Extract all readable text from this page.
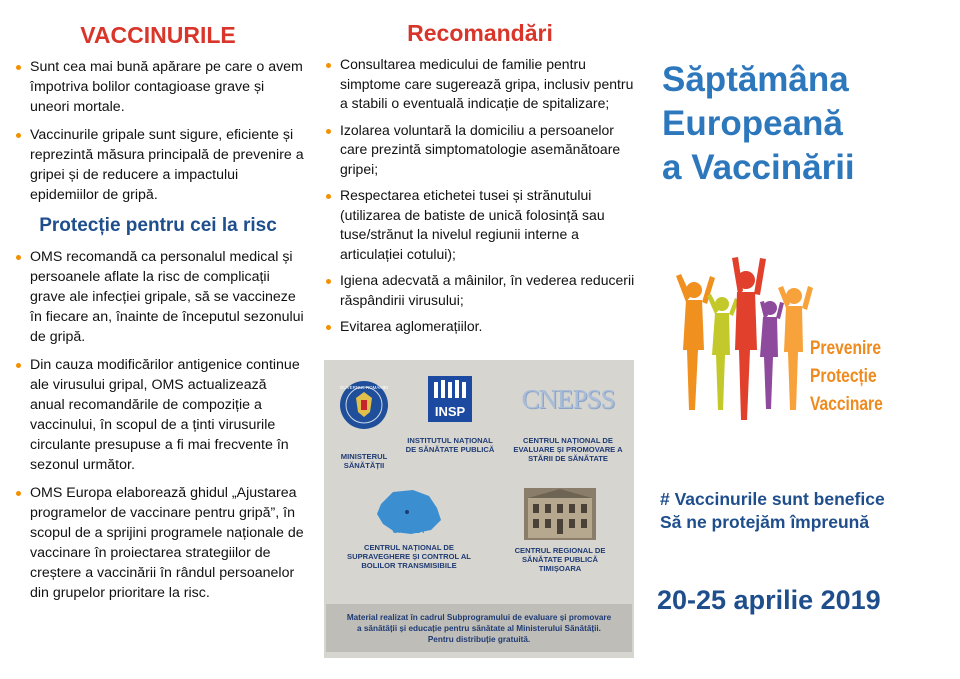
VACCINURILE
Sunt cea mai bună apărare pe care o avem împotriva bolilor contagioase grave și uneori mortale.
Vaccinurile gripale sunt sigure, eficiente și reprezintă măsura principală de prevenire a gripei și de reducere a impactului epidemiilor de gripă.
Protecție pentru cei la risc
OMS recomandă ca personalul medical și persoanele aflate la risc de complicații grave ale infecției gripale, să se vaccineze în fiecare an, înainte de începutul sezonului de gripă.
Din cauza modificărilor antigenice continue ale virusului gripal, OMS actualizează anual recomandările de compoziție a vaccinului, în scopul de a ținti virusurile circulante presupuse a fi mai frecvente în sezonul următor.
OMS Europa elaborează ghidul „Ajustarea programelor de vaccinare pentru gripă”, în scopul de a sprijini programele naționale de vaccinare în proiectarea strategiilor de creștere a vaccinării în rândul persoanelor din grupelor prioritare la risc.
Recomandări
Consultarea medicului de familie pentru simptome care sugerează gripa, inclusiv pentru a stabili o eventuală indicație de spitalizare;
Izolarea voluntară la domiciliu a persoanelor care prezintă simptomatologie asemănătoare gripei;
Respectarea etichetei tusei și strănutului (utilizarea de batiste de unică folosință sau tuse/strănut la nivelul regiunii interne a articulației cotului);
Igiena adecvată a mâinilor, în vederea reducerii răspândirii virusului;
Evitarea aglomerațiilor.
GUVERNUL ROMÂNIEI
MINISTERUL SĂNĂTĂȚII
INSP
INSTITUTUL NAȚIONAL DE SĂNĂTATE PUBLICĂ
CNEPSS
CENTRUL NAȚIONAL DE EVALUARE ȘI PROMOVARE A STĂRII DE SĂNĂTATE
CNSCBT
CENTRUL NAȚIONAL DE SUPRAVEGHERE ȘI CONTROL AL BOLILOR TRANSMISIBILE
CENTRUL REGIONAL DE SĂNĂTATE PUBLICĂ TIMIȘOARA
Material realizat în cadrul Subprogramului de evaluare și promovare
a sănătății și educație pentru sănătate al Ministerului Sănătății.
Pentru distribuție gratuită.
Săptămâna
Europeană
a Vaccinării
Prevenire
Protecție
Vaccinare
# Vaccinurile sunt benefice
Să ne protejăm împreună
20-25 aprilie 2019
